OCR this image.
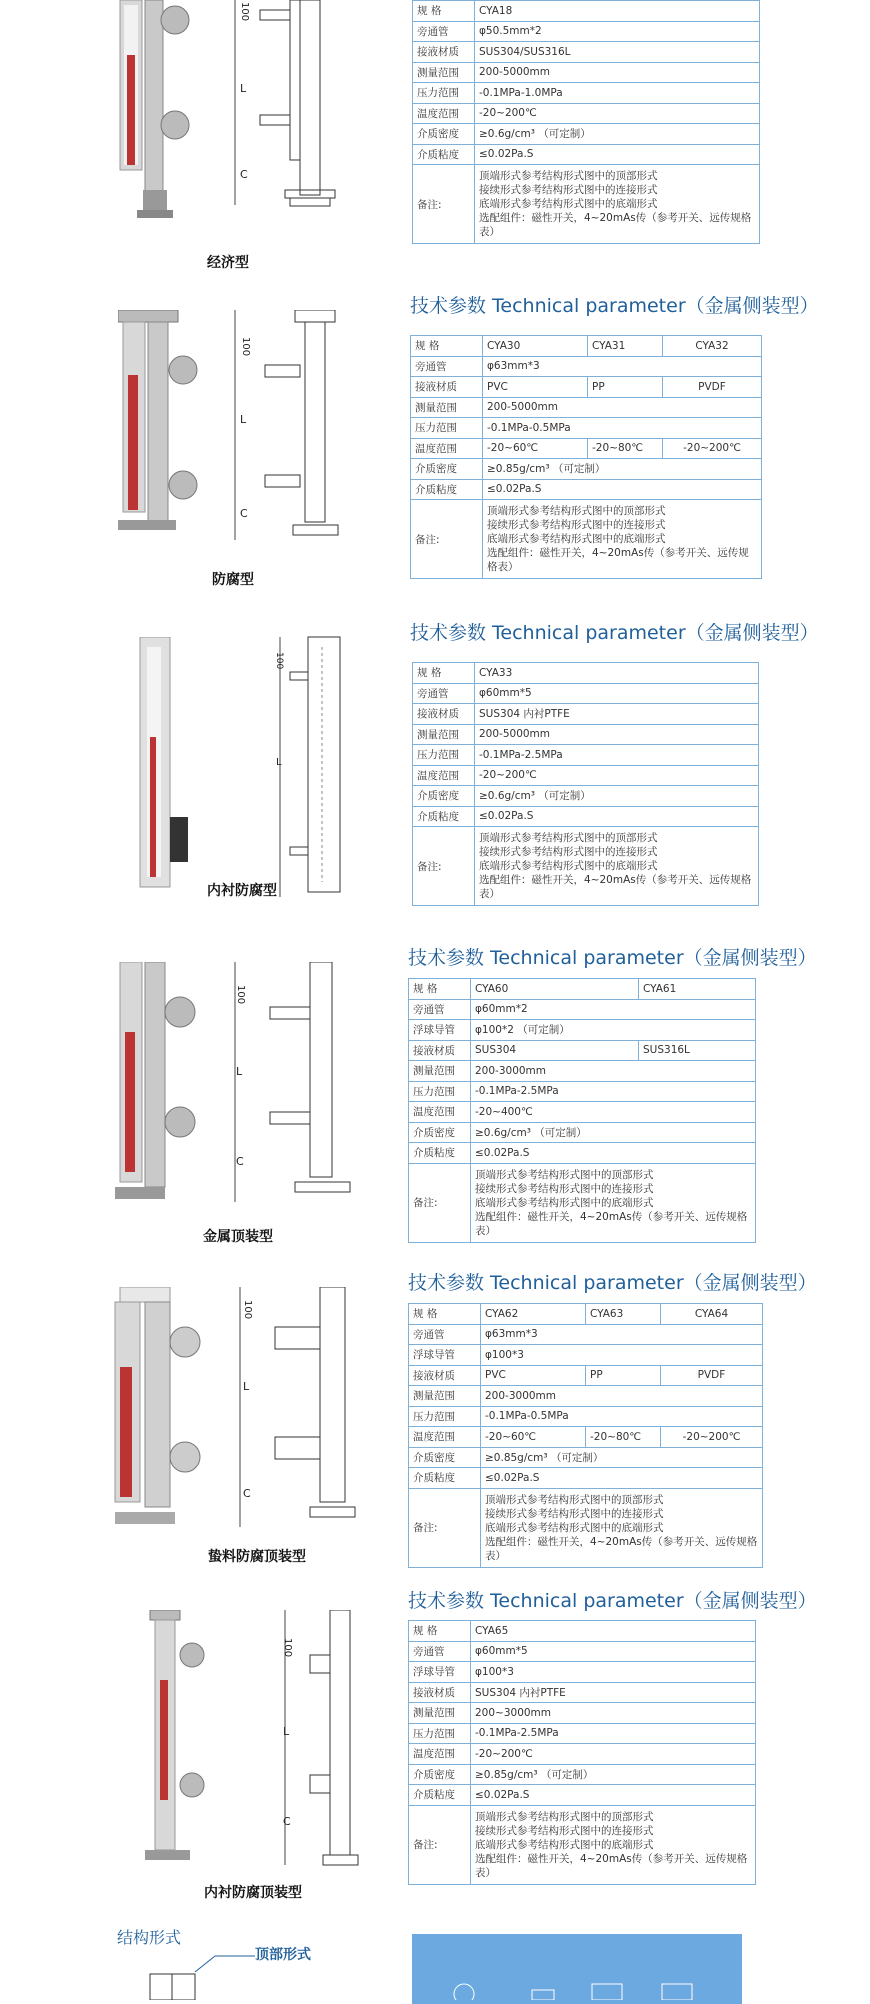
经济型
100
L
C
规 格	CYA18
旁通管	φ50.5mm*2
接液材质	SUS304/SUS316L
测量范围	200-5000mm
压力范围	-0.1MPa-1.0MPa
温度范围	-20~200℃
介质密度	≥0.6g/cm³ （可定制）
介质粘度	≤0.02Pa.S
备注:	顶端形式参考结构形式图中的顶部形式
接续形式参考结构形式图中的连接形式
底端形式参考结构形式图中的底端形式
选配组件：磁性开关，4~20mAs传（参考开关、远传规格表）
技术参数 Technical parameter（金属侧装型）
防腐型
100
L
C
规 格	CYA30	CYA31	CYA32
旁通管	φ63mm*3		
接液材质	PVC	PP	PVDF
测量范围	200-5000mm		
压力范围	-0.1MPa-0.5MPa		
温度范围	-20~60℃	-20~80℃	-20~200℃
介质密度	≥0.85g/cm³ （可定制）		
介质粘度	≤0.02Pa.S		
备注:	顶端形式参考结构形式图中的顶部形式
接续形式参考结构形式图中的连接形式
底端形式参考结构形式图中的底端形式
选配组件：磁性开关，4~20mAs传（参考开关、远传规格表）		
技术参数 Technical parameter（金属侧装型）
内衬防腐型
100
L
规 格	CYA33
旁通管	φ60mm*5
接液材质	SUS304 内衬PTFE
测量范围	200-5000mm
压力范围	-0.1MPa-2.5MPa
温度范围	-20~200℃
介质密度	≥0.6g/cm³ （可定制）
介质粘度	≤0.02Pa.S
备注:	顶端形式参考结构形式图中的顶部形式
接续形式参考结构形式图中的连接形式
底端形式参考结构形式图中的底端形式
选配组件：磁性开关，4~20mAs传（参考开关、远传规格表）
技术参数 Technical parameter（金属侧装型）
金属顶装型
100
L
C
规 格	CYA60	CYA61
旁通管	φ60mm*2	
浮球导管	φ100*2 （可定制）	
接液材质	SUS304	SUS316L
测量范围	200-3000mm	
压力范围	-0.1MPa-2.5MPa	
温度范围	-20~400℃	
介质密度	≥0.6g/cm³ （可定制）	
介质粘度	≤0.02Pa.S	
备注:	顶端形式参考结构形式图中的顶部形式
接续形式参考结构形式图中的连接形式
底端形式参考结构形式图中的底端形式
选配组件：磁性开关，4~20mAs传（参考开关、远传规格表）	
技术参数 Technical parameter（金属侧装型）
蛰料防腐顶装型
100
L
C
规 格	CYA62	CYA63	CYA64
旁通管	φ63mm*3		
浮球导管	φ100*3		
接液材质	PVC	PP	PVDF
测量范围	200-3000mm		
压力范围	-0.1MPa-0.5MPa		
温度范围	-20~60℃	-20~80℃	-20~200℃
介质密度	≥0.85g/cm³ （可定制）		
介质粘度	≤0.02Pa.S		
备注:	顶端形式参考结构形式图中的顶部形式
接续形式参考结构形式图中的连接形式
底端形式参考结构形式图中的底端形式
选配组件：磁性开关，4~20mAs传（参考开关、远传规格表）		
技术参数 Technical parameter（金属侧装型）
内衬防腐顶装型
100
L
C
规 格	CYA65
旁通管	φ60mm*5
浮球导管	φ100*3
接液材质	SUS304 内衬PTFE
测量范围	200~3000mm
压力范围	-0.1MPa-2.5MPa
温度范围	-20~200℃
介质密度	≥0.85g/cm³ （可定制）
介质粘度	≤0.02Pa.S
备注:	顶端形式参考结构形式图中的顶部形式
接续形式参考结构形式图中的连接形式
底端形式参考结构形式图中的底端形式
选配组件：磁性开关，4~20mAs传（参考开关、远传规格表）
结构形式
顶部形式
